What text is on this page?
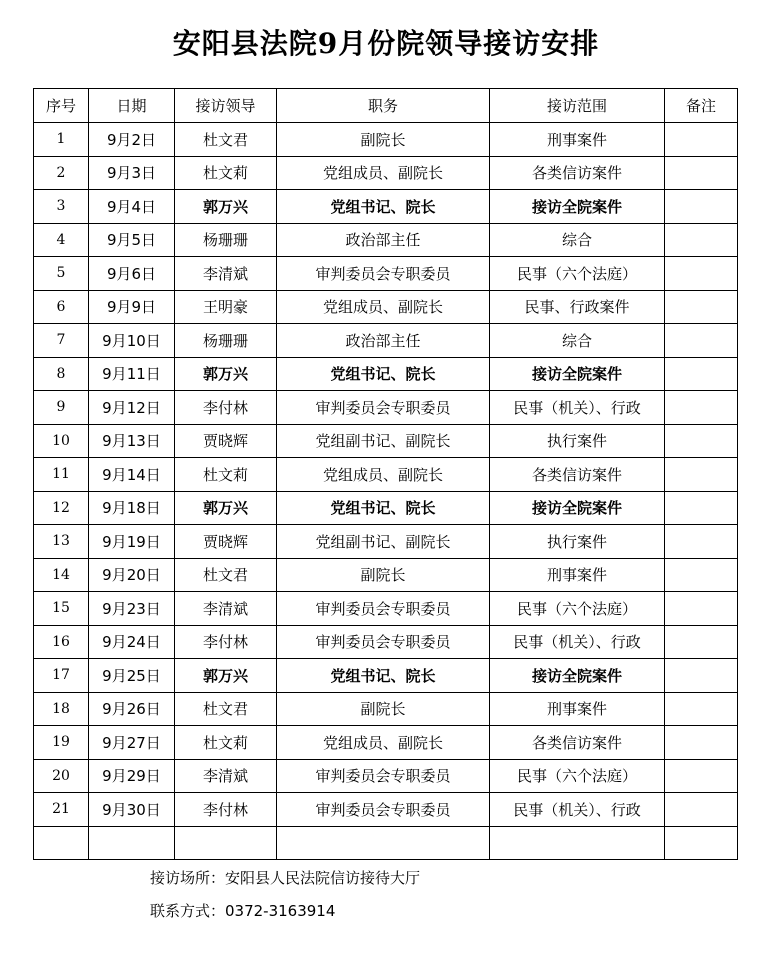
安阳县法院9月份院领导接访安排
序号	日期	接访领导	职务	接访范围	备注
1	9月2日	杜文君	副院长	刑事案件	
2	9月3日	杜文莉	党组成员、副院长	各类信访案件	
3	9月4日	郭万兴	党组书记、院长	接访全院案件	
4	9月5日	杨珊珊	政治部主任	综合	
5	9月6日	李清斌	审判委员会专职委员	民事（六个法庭）	
6	9月9日	王明豪	党组成员、副院长	民事、行政案件	
7	9月10日	杨珊珊	政治部主任	综合	
8	9月11日	郭万兴	党组书记、院长	接访全院案件	
9	9月12日	李付林	审判委员会专职委员	民事（机关）、行政	
10	9月13日	贾晓辉	党组副书记、副院长	执行案件	
11	9月14日	杜文莉	党组成员、副院长	各类信访案件	
12	9月18日	郭万兴	党组书记、院长	接访全院案件	
13	9月19日	贾晓辉	党组副书记、副院长	执行案件	
14	9月20日	杜文君	副院长	刑事案件	
15	9月23日	李清斌	审判委员会专职委员	民事（六个法庭）	
16	9月24日	李付林	审判委员会专职委员	民事（机关）、行政	
17	9月25日	郭万兴	党组书记、院长	接访全院案件	
18	9月26日	杜文君	副院长	刑事案件	
19	9月27日	杜文莉	党组成员、副院长	各类信访案件	
20	9月29日	李清斌	审判委员会专职委员	民事（六个法庭）	
21	9月30日	李付林	审判委员会专职委员	民事（机关）、行政	

接访场所：安阳县人民法院信访接待大厅
联系方式：0372-3163914
